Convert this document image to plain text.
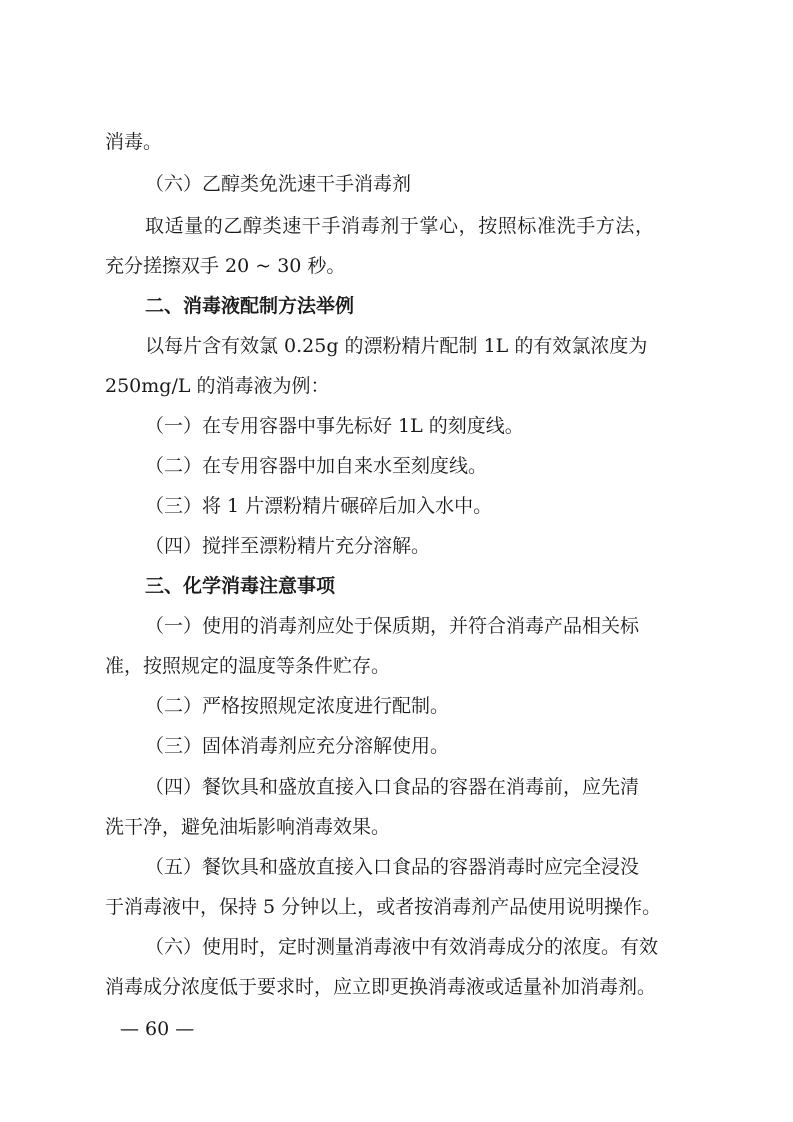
消毒。

（六）乙醇类免洗速干手消毒剂

取适量的乙醇类速干手消毒剂于掌心，按照标准洗手方法，

充分搓擦双手 20 ~ 30 秒。

二、消毒液配制方法举例

以每片含有效氯 0.25g 的漂粉精片配制 1L 的有效氯浓度为

250mg/L 的消毒液为例：

（一）在专用容器中事先标好 1L 的刻度线。

（二）在专用容器中加自来水至刻度线。

（三）将 1 片漂粉精片碾碎后加入水中。

（四）搅拌至漂粉精片充分溶解。

三、化学消毒注意事项

（一）使用的消毒剂应处于保质期，并符合消毒产品相关标

准，按照规定的温度等条件贮存。

（二）严格按照规定浓度进行配制。

（三）固体消毒剂应充分溶解使用。

（四）餐饮具和盛放直接入口食品的容器在消毒前，应先清

洗干净，避免油垢影响消毒效果。

（五）餐饮具和盛放直接入口食品的容器消毒时应完全浸没

于消毒液中，保持 5 分钟以上，或者按消毒剂产品使用说明操作。

（六）使用时，定时测量消毒液中有效消毒成分的浓度。有效

消毒成分浓度低于要求时，应立即更换消毒液或适量补加消毒剂。

— 60 —
